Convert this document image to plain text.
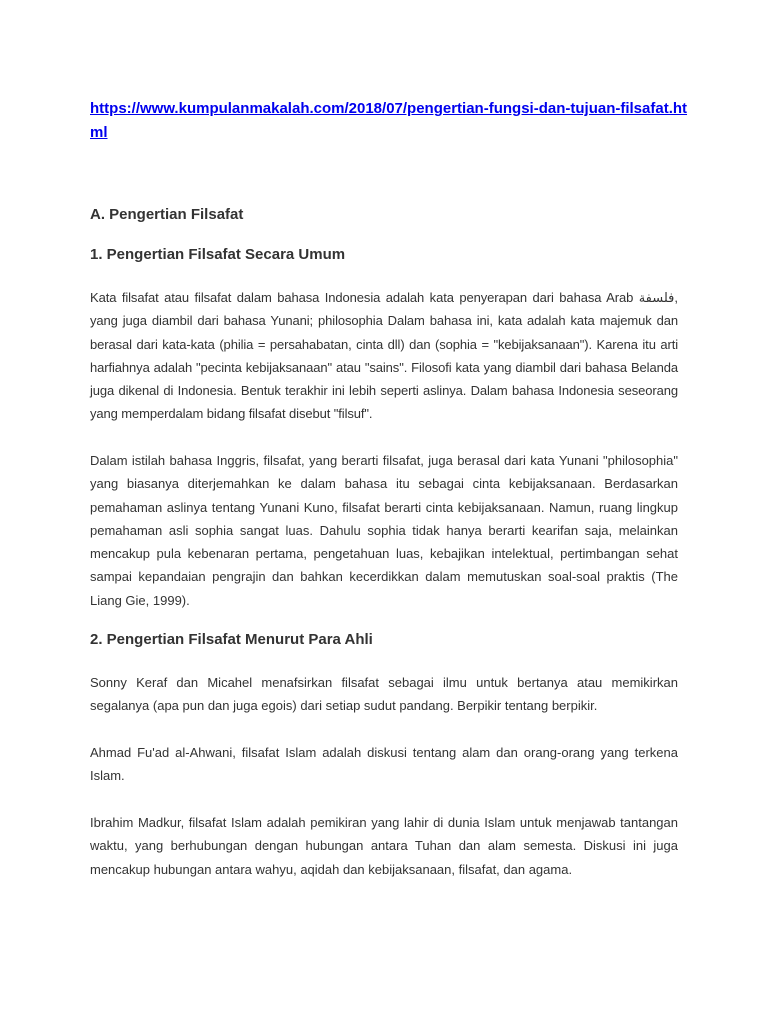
https://www.kumpulanmakalah.com/2018/07/pengertian-fungsi-dan-tujuan-filsafat.html
A. Pengertian Filsafat
1. Pengertian Filsafat Secara Umum
Kata filsafat atau filsafat dalam bahasa Indonesia adalah kata penyerapan dari bahasa Arab فلسفة, yang juga diambil dari bahasa Yunani; philosophia Dalam bahasa ini, kata adalah kata majemuk dan berasal dari kata-kata (philia = persahabatan, cinta dll) dan (sophia = "kebijaksanaan"). Karena itu arti harfiahnya adalah "pecinta kebijaksanaan" atau "sains". Filosofi kata yang diambil dari bahasa Belanda juga dikenal di Indonesia. Bentuk terakhir ini lebih seperti aslinya. Dalam bahasa Indonesia seseorang yang memperdalam bidang filsafat disebut "filsuf".
Dalam istilah bahasa Inggris, filsafat, yang berarti filsafat, juga berasal dari kata Yunani "philosophia" yang biasanya diterjemahkan ke dalam bahasa itu sebagai cinta kebijaksanaan. Berdasarkan pemahaman aslinya tentang Yunani Kuno, filsafat berarti cinta kebijaksanaan. Namun, ruang lingkup pemahaman asli sophia sangat luas. Dahulu sophia tidak hanya berarti kearifan saja, melainkan mencakup pula kebenaran pertama, pengetahuan luas, kebajikan intelektual, pertimbangan sehat sampai kepandaian pengrajin dan bahkan kecerdikkan dalam memutuskan soal-soal praktis (The Liang Gie, 1999).
2. Pengertian Filsafat Menurut Para Ahli
Sonny Keraf dan Micahel menafsirkan filsafat sebagai ilmu untuk bertanya atau memikirkan segalanya (apa pun dan juga egois) dari setiap sudut pandang. Berpikir tentang berpikir.
Ahmad Fu'ad al-Ahwani, filsafat Islam adalah diskusi tentang alam dan orang-orang yang terkena Islam.
Ibrahim Madkur, filsafat Islam adalah pemikiran yang lahir di dunia Islam untuk menjawab tantangan waktu, yang berhubungan dengan hubungan antara Tuhan dan alam semesta. Diskusi ini juga mencakup hubungan antara wahyu, aqidah dan kebijaksanaan, filsafat, dan agama.
